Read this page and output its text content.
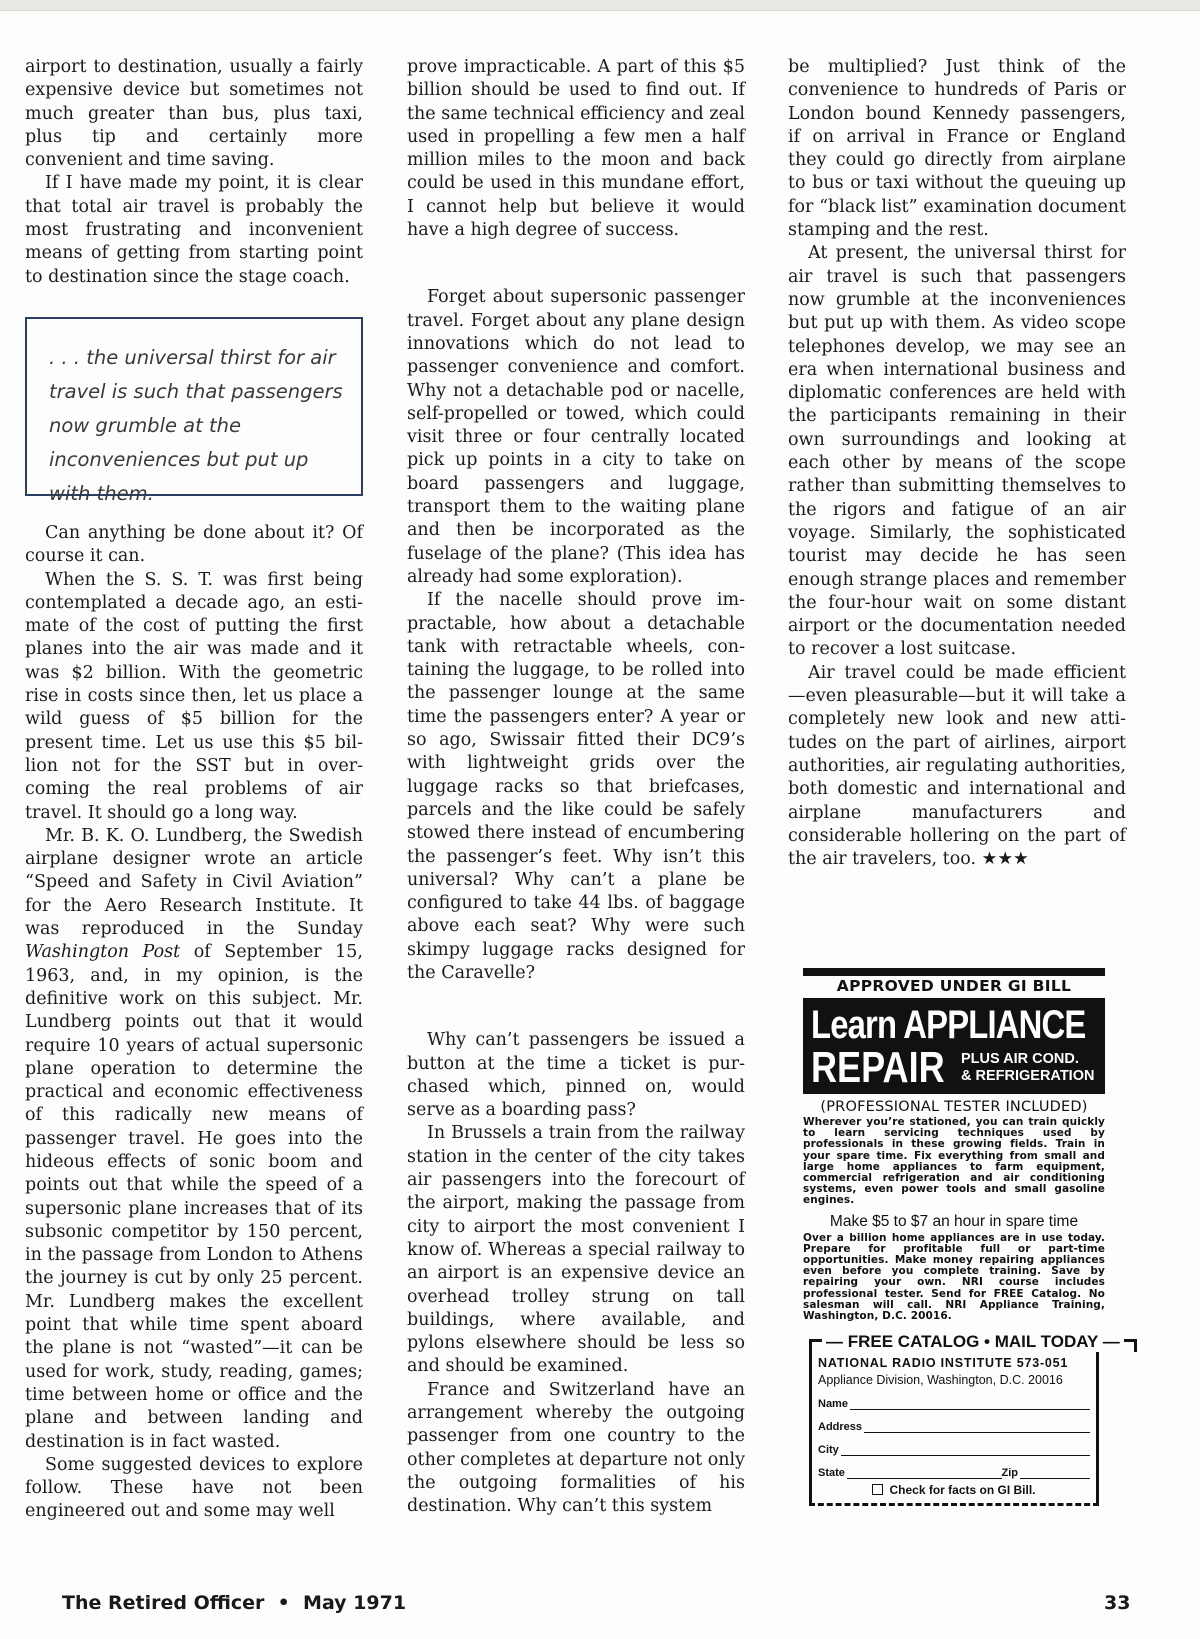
airport to destination, usually a fairly expensive device but sometimes not much greater than bus, plus taxi, plus tip and certainly more convenient and time saving.

If I have made my point, it is clear that total air travel is probably the most frustrating and inconvenient means of getting from starting point to destination since the stage coach.

. . . the universal thirst for air travel is such that passengers now grumble at the inconveniences but put up with them.

Can anything be done about it? Of course it can.

When the S. S. T. was first being contemplated a decade ago, an estimate of the cost of putting the first planes into the air was made and it was $2 billion. With the geometric rise in costs since then, let us place a wild guess of $5 billion for the present time. Let us use this $5 billion not for the SST but in overcoming the real problems of air travel. It should go a long way.

Mr. B. K. O. Lundberg, the Swedish airplane designer wrote an article “Speed and Safety in Civil Aviation” for the Aero Research Institute. It was reproduced in the Sunday Washington Post of September 15, 1963, and, in my opinion, is the definitive work on this subject. Mr. Lundberg points out that it would require 10 years of actual supersonic plane operation to determine the practical and economic effectiveness of this radically new means of passenger travel. He goes into the hideous effects of sonic boom and points out that while the speed of a supersonic plane increases that of its subsonic competitor by 150 percent, in the passage from London to Athens the journey is cut by only 25 percent. Mr. Lundberg makes the excellent point that while time spent aboard the plane is not “wasted”—it can be used for work, study, reading, games; time between home or office and the plane and between landing and destination is in fact wasted.

Some suggested devices to explore follow. These have not been engineered out and some may well

prove impracticable. A part of this $5 billion should be used to find out. If the same technical efficiency and zeal used in propelling a few men a half million miles to the moon and back could be used in this mundane effort, I cannot help but believe it would have a high degree of success.

Forget about supersonic passenger travel. Forget about any plane design innovations which do not lead to passenger convenience and comfort. Why not a detachable pod or nacelle, self-propelled or towed, which could visit three or four centrally located pick up points in a city to take on board passengers and luggage, transport them to the waiting plane and then be incorporated as the fuselage of the plane? (This idea has already had some exploration).

If the nacelle should prove impractable, how about a detachable tank with retractable wheels, containing the luggage, to be rolled into the passenger lounge at the same time the passengers enter? A year or so ago, Swissair fitted their DC9’s with lightweight grids over the luggage racks so that briefcases, parcels and the like could be safely stowed there instead of encumbering the passenger’s feet. Why isn’t this universal? Why can’t a plane be configured to take 44 lbs. of baggage above each seat? Why were such skimpy luggage racks designed for the Caravelle?

Why can’t passengers be issued a button at the time a ticket is purchased which, pinned on, would serve as a boarding pass?

In Brussels a train from the railway station in the center of the city takes air passengers into the forecourt of the airport, making the passage from city to airport the most convenient I know of. Whereas a special railway to an airport is an expensive device an overhead trolley strung on tall buildings, where available, and pylons elsewhere should be less so and should be examined.

France and Switzerland have an arrangement whereby the outgoing passenger from one country to the other completes at departure not only the outgoing formalities of his destination. Why can’t this system

be multiplied? Just think of the convenience to hundreds of Paris or London bound Kennedy passengers, if on arrival in France or England they could go directly from airplane to bus or taxi without the queuing up for “black list” examination document stamping and the rest.

At present, the universal thirst for air travel is such that passengers now grumble at the inconveniences but put up with them. As video scope telephones develop, we may see an era when international business and diplomatic conferences are held with the participants remaining in their own surroundings and looking at each other by means of the scope rather than submitting themselves to the rigors and fatigue of an air voyage. Similarly, the sophisticated tourist may decide he has seen enough strange places and remember the four-hour wait on some distant airport or the documentation needed to recover a lost suitcase.

Air travel could be made efficient —even pleasurable—but it will take a completely new look and new attitudes on the part of airlines, airport authorities, air regulating authorities, both domestic and international and airplane manufacturers and considerable hollering on the part of the air travelers, too. ★★★

APPROVED UNDER GI BILL
Learn APPLIANCE
REPAIR PLUS AIR COND.
& REFRIGERATION
(PROFESSIONAL TESTER INCLUDED)
Wherever you’re stationed, you can train quickly to learn servicing techniques used by professionals in these growing fields. Train in your spare time. Fix everything from small and large home appliances to farm equipment, commercial refrigeration and air conditioning systems, even power tools and small gasoline engines.
Make $5 to $7 an hour in spare time
Over a billion home appliances are in use today. Prepare for profitable full or part-time opportunities. Make money repairing appliances even before you complete training. Save by repairing your own. NRI course includes professional tester. Send for FREE Catalog. No salesman will call. NRI Appliance Training, Washington, D.C. 20016.
— FREE CATALOG • MAIL TODAY —
NATIONAL RADIO INSTITUTE 573-051
Appliance Division, Washington, D.C. 20016
Name
Address
City
State	Zip
Check for facts on GI Bill.
The Retired Officer  •  May 1971	33
